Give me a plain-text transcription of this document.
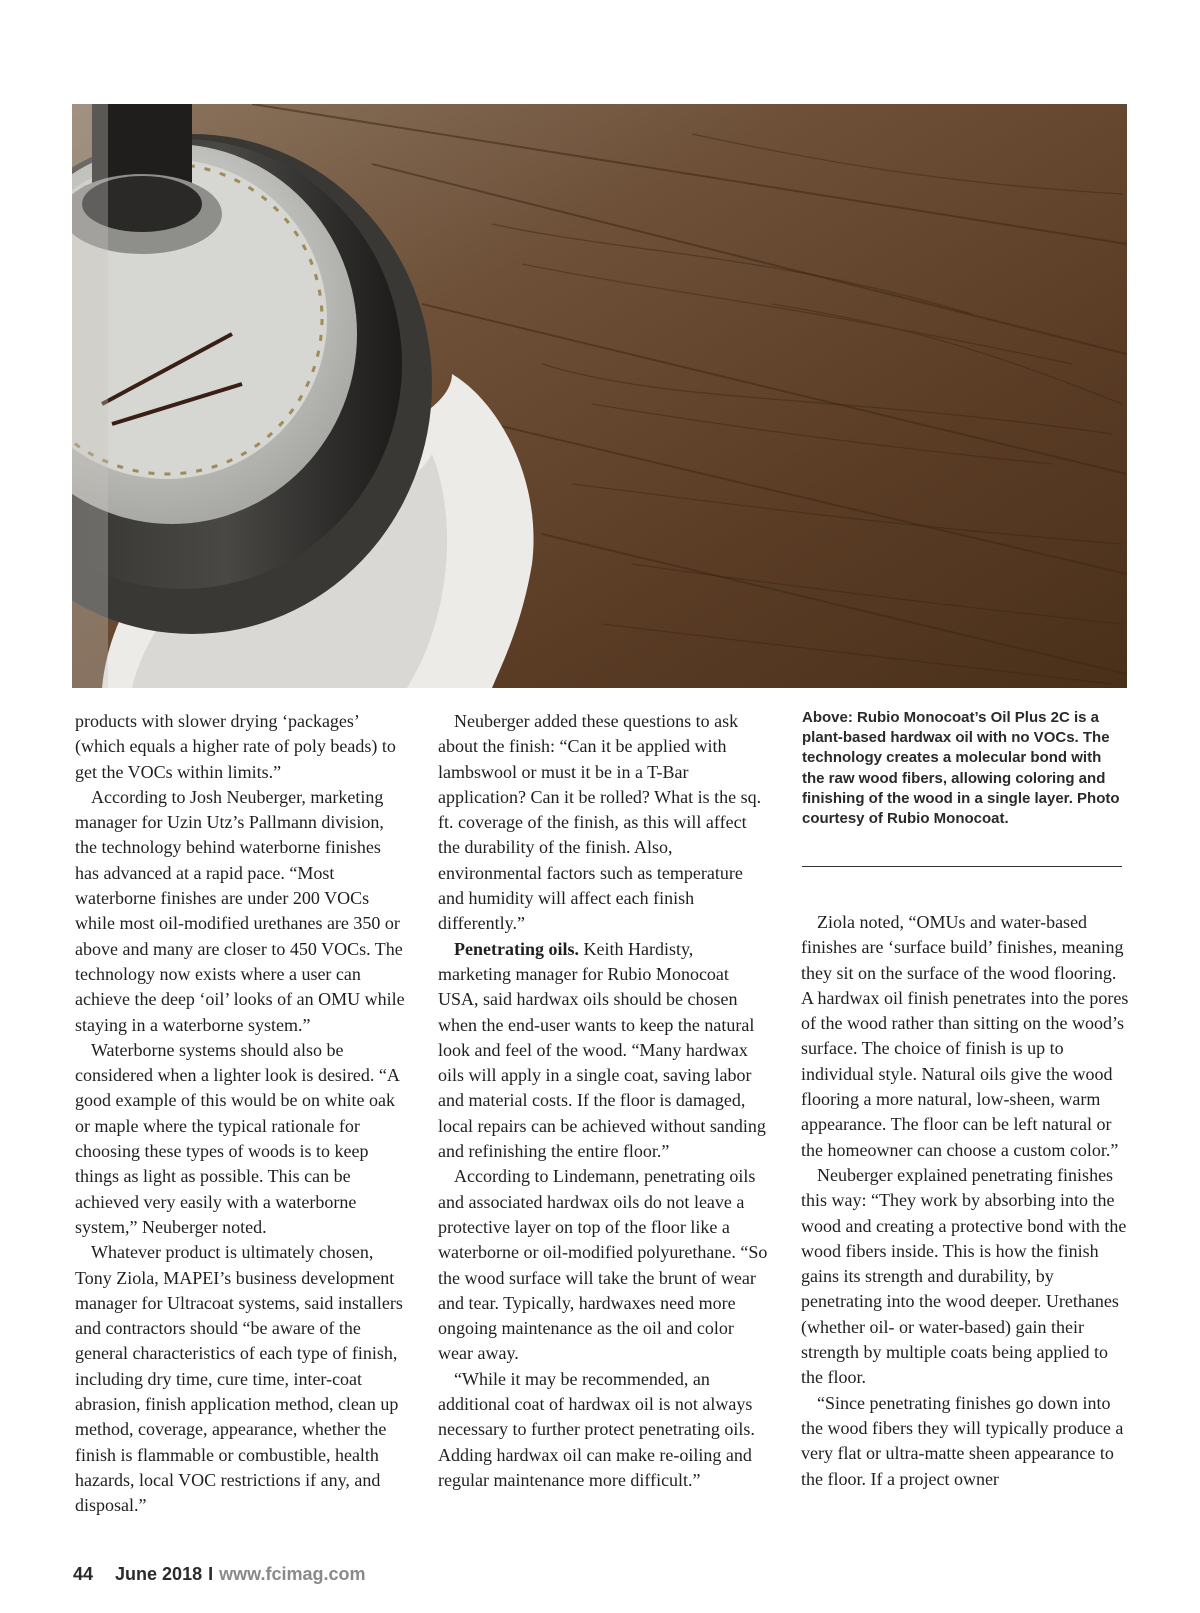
products with slower drying ‘packages’ (which equals a higher rate of poly beads) to get the VOCs within limits.”

According to Josh Neuberger, marketing manager for Uzin Utz’s Pallmann division, the technology behind waterborne finishes has advanced at a rapid pace. “Most waterborne finishes are under 200 VOCs while most oil-modified urethanes are 350 or above and many are closer to 450 VOCs. The technology now exists where a user can achieve the deep ‘oil’ looks of an OMU while staying in a waterborne system.”

Waterborne systems should also be considered when a lighter look is desired. “A good example of this would be on white oak or maple where the typical rationale for choosing these types of woods is to keep things as light as possible. This can be achieved very easily with a waterborne system,” Neuberger noted.

Whatever product is ultimately chosen, Tony Ziola, MAPEI’s business development manager for Ultracoat systems, said installers and contractors should “be aware of the general characteristics of each type of finish, including dry time, cure time, inter-coat abrasion, finish application method, clean up method, coverage, appearance, whether the finish is flammable or combustible, health hazards, local VOC restrictions if any, and disposal.”

Neuberger added these questions to ask about the finish: “Can it be applied with lambswool or must it be in a T-Bar application? Can it be rolled? What is the sq. ft. coverage of the finish, as this will affect the durability of the finish. Also, environmental factors such as temperature and humidity will affect each finish differently.”

Penetrating oils. Keith Hardisty, marketing manager for Rubio Monocoat USA, said hardwax oils should be chosen when the end-user wants to keep the natural look and feel of the wood. “Many hardwax oils will apply in a single coat, saving labor and material costs. If the floor is damaged, local repairs can be achieved without sanding and refinishing the entire floor.”

According to Lindemann, penetrating oils and associated hardwax oils do not leave a protective layer on top of the floor like a waterborne or oil-modified polyurethane. “So the wood surface will take the brunt of wear and tear. Typically, hardwaxes need more ongoing maintenance as the oil and color wear away.

“While it may be recommended, an additional coat of hardwax oil is not always necessary to further protect penetrating oils. Adding hardwax oil can make re-oiling and regular maintenance more difficult.”

Above: Rubio Monocoat’s Oil Plus 2C is a plant-based hardwax oil with no VOCs. The technology creates a molecular bond with the raw wood fibers, allowing coloring and finishing of the wood in a single layer. Photo courtesy of Rubio Monocoat.

Ziola noted, “OMUs and water-based finishes are ‘surface build’ finishes, meaning they sit on the surface of the wood flooring. A hardwax oil finish penetrates into the pores of the wood rather than sitting on the wood’s surface. The choice of finish is up to individual style. Natural oils give the wood flooring a more natural, low-sheen, warm appearance. The floor can be left natural or the homeowner can choose a custom color.”

Neuberger explained penetrating finishes this way: “They work by absorbing into the wood and creating a protective bond with the wood fibers inside. This is how the finish gains its strength and durability, by penetrating into the wood deeper. Urethanes (whether oil- or water-based) gain their strength by multiple coats being applied to the floor.

“Since penetrating finishes go down into the wood fibers they will typically produce a very flat or ultra-matte sheen appearance to the floor. If a project owner

44 June 2018 I www.fcimag.com
